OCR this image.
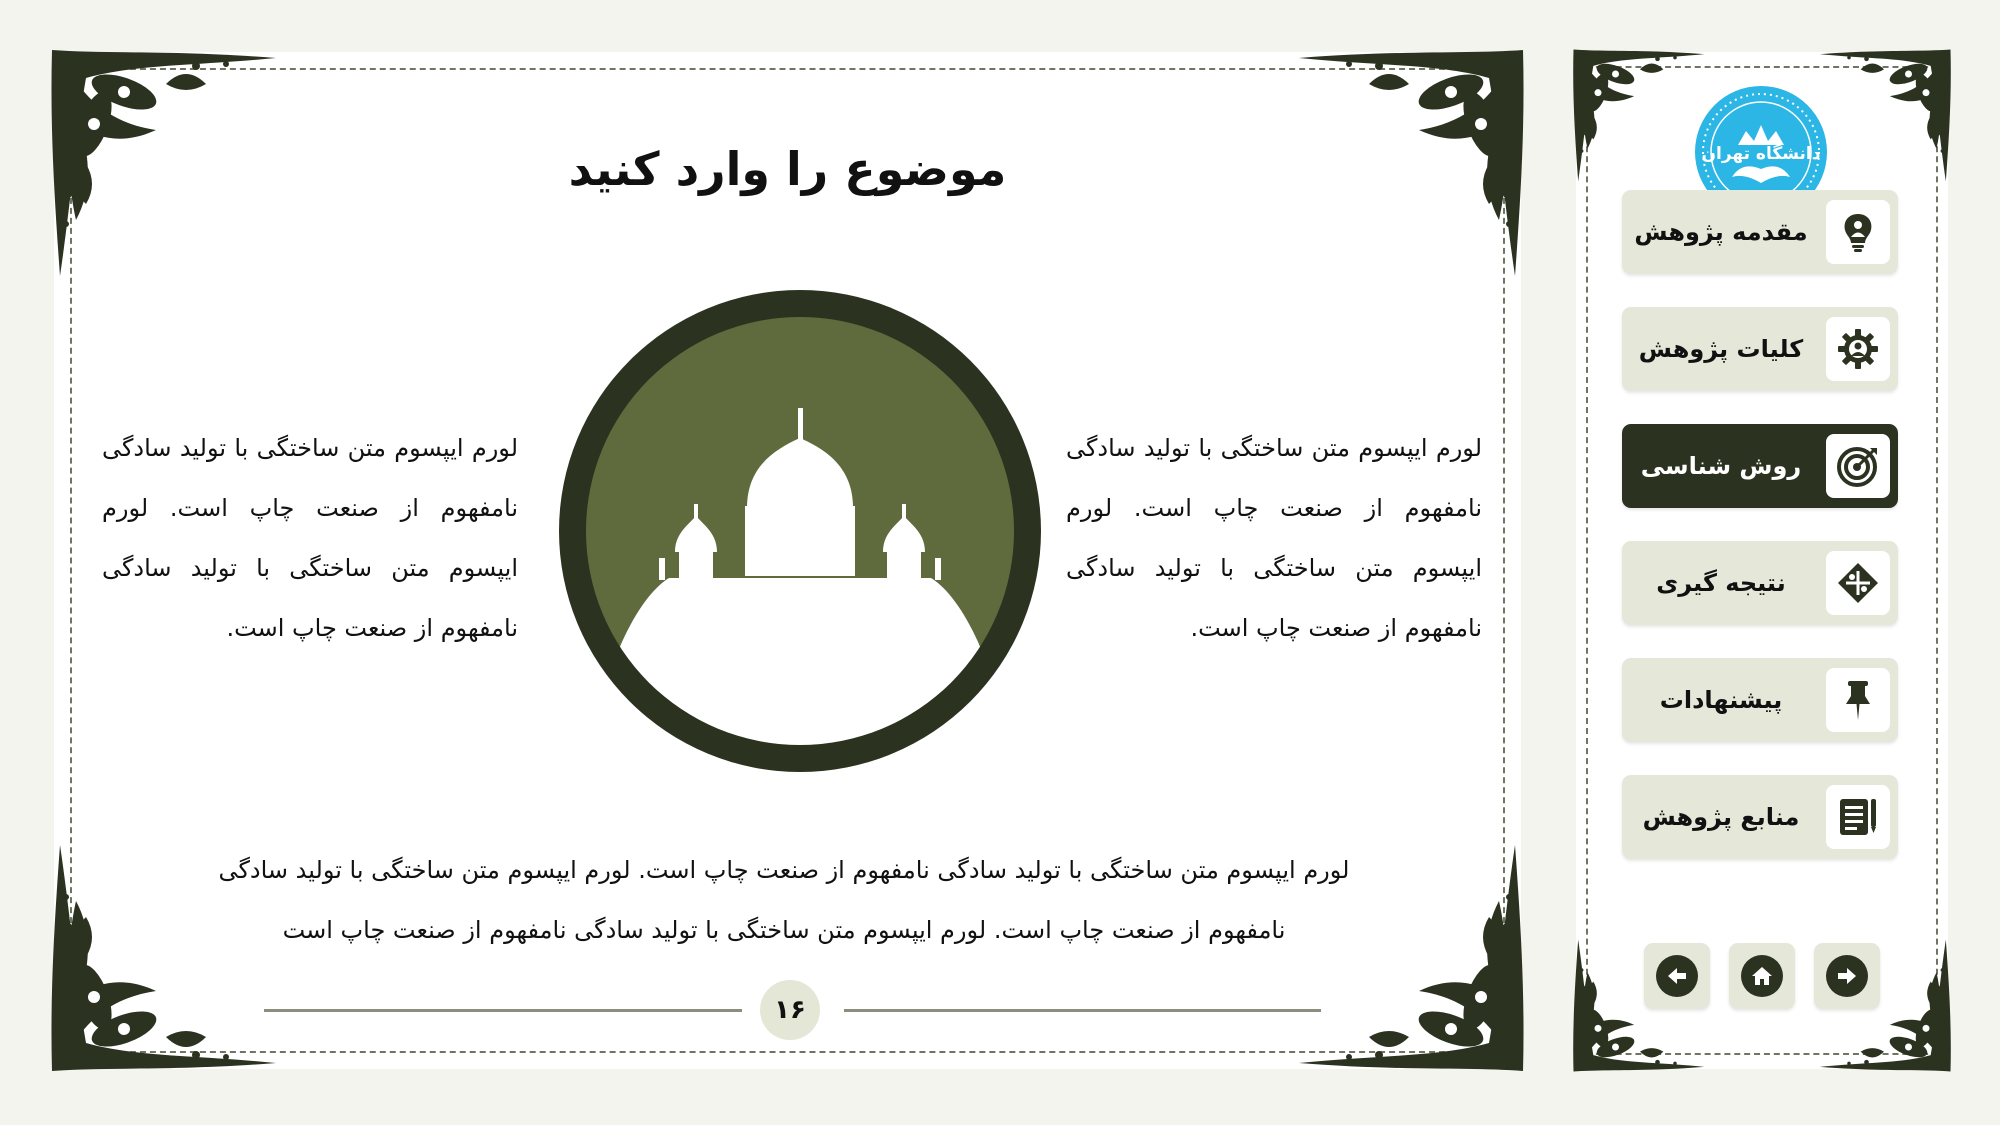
موضوع را وارد کنید
لورم ایپسوم متن ساختگی با تولید سادگی نامفهوم از صنعت چاپ است. لورم ایپسوم متن ساختگی با تولید سادگی نامفهوم از صنعت چاپ است.
لورم ایپسوم متن ساختگی با تولید سادگی نامفهوم از صنعت چاپ است. لورم ایپسوم متن ساختگی با تولید سادگی نامفهوم از صنعت چاپ است.
لورم ایپسوم متن ساختگی با تولید سادگی نامفهوم از صنعت چاپ است. لورم ایپسوم متن ساختگی با تولید سادگی
نامفهوم از صنعت چاپ است. لورم ایپسوم متن ساختگی با تولید سادگی نامفهوم از صنعت چاپ است
۱۶
دانشگاه تهران
مقدمه پژوهش
کلیات پژوهش
روش شناسی
نتیجه گیری
پیشنهادات
منابع پژوهش
